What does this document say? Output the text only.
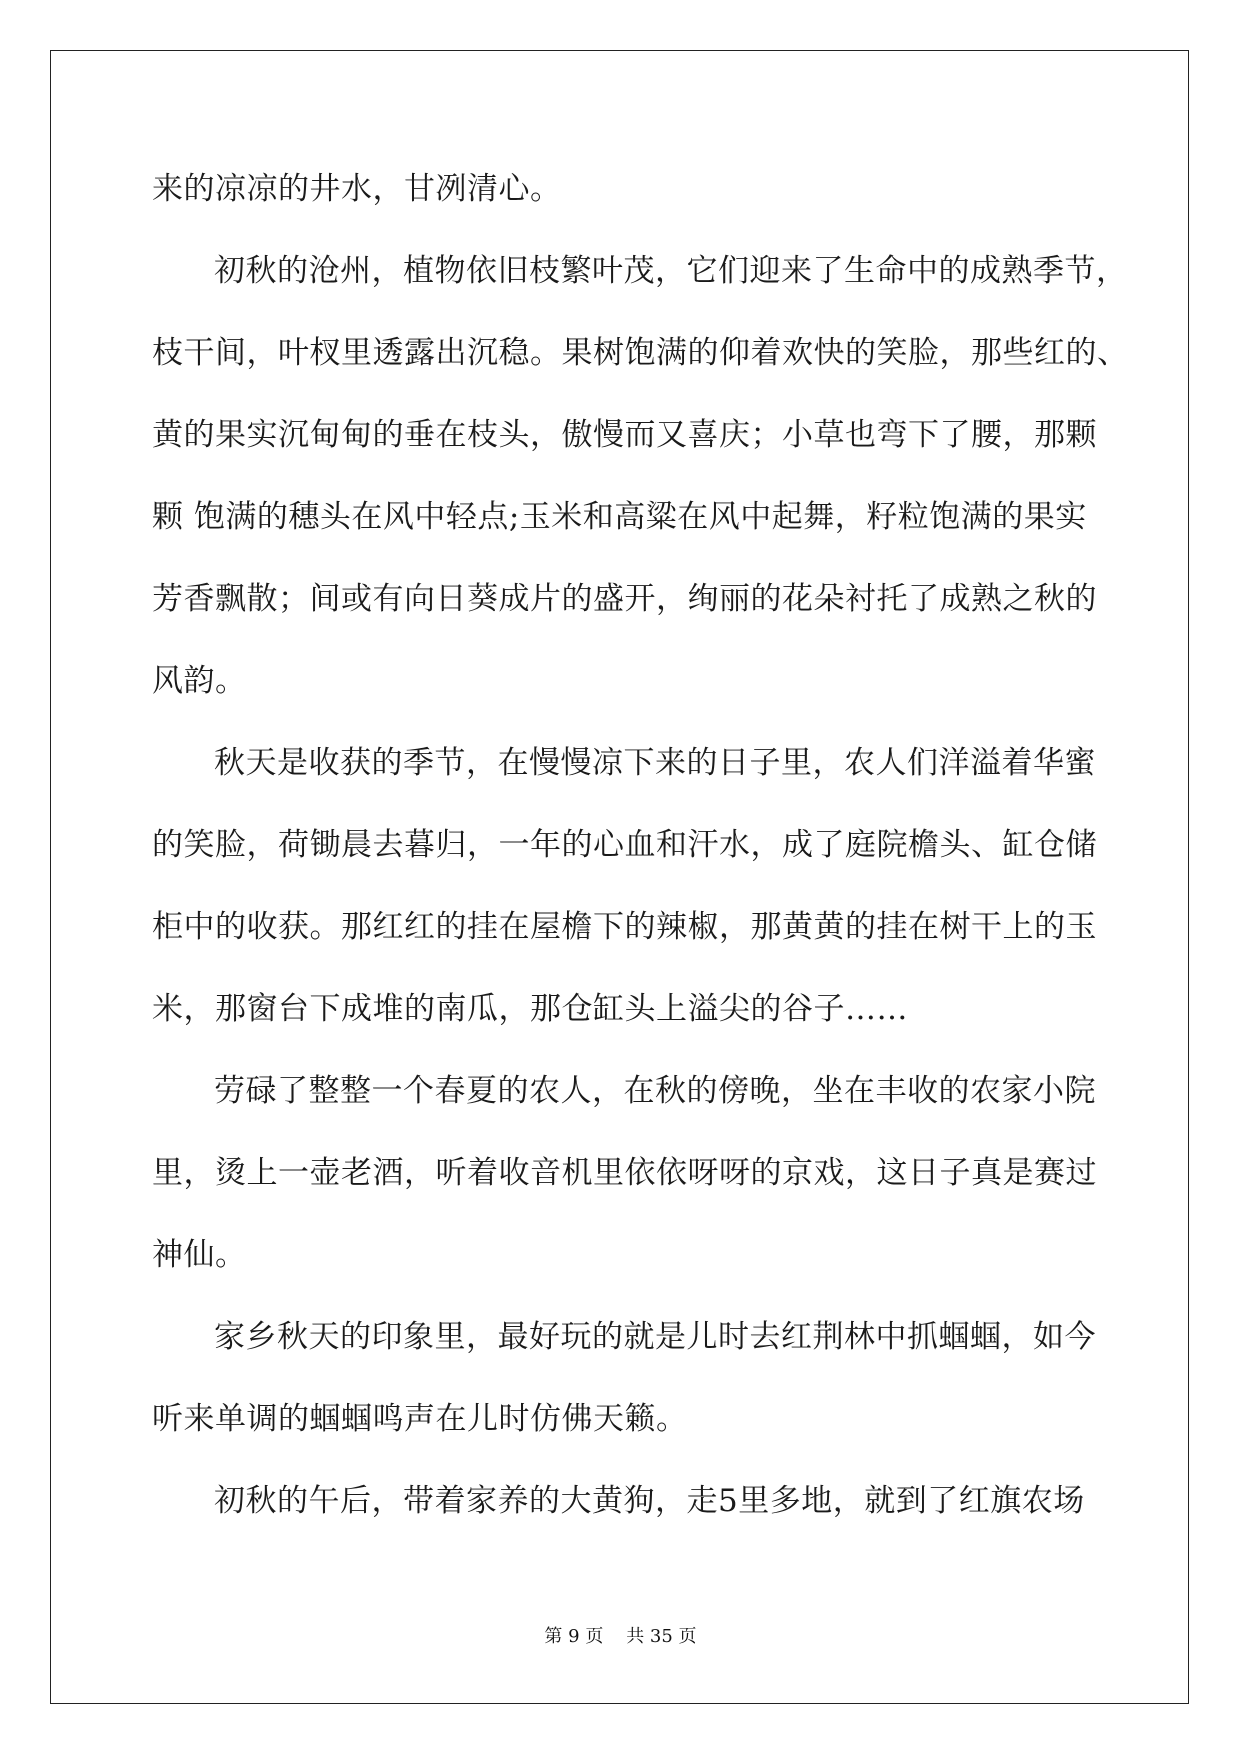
来的凉凉的井水，甘冽清心。
初秋的沧州，植物依旧枝繁叶茂，它们迎来了生命中的成熟季节，
枝干间，叶杈里透露出沉稳。果树饱满的仰着欢快的笑脸，那些红的、
黄的果实沉甸甸的垂在枝头，傲慢而又喜庆；小草也弯下了腰，那颗
颗 饱满的穗头在风中轻点;玉米和高粱在风中起舞，籽粒饱满的果实
芳香飘散；间或有向日葵成片的盛开，绚丽的花朵衬托了成熟之秋的
风韵。
秋天是收获的季节，在慢慢凉下来的日子里，农人们洋溢着华蜜
的笑脸，荷锄晨去暮归，一年的心血和汗水，成了庭院檐头、缸仓储
柜中的收获。那红红的挂在屋檐下的辣椒，那黄黄的挂在树干上的玉
米，那窗台下成堆的南瓜，那仓缸头上溢尖的谷子……
劳碌了整整一个春夏的农人，在秋的傍晚，坐在丰收的农家小院
里，烫上一壶老酒，听着收音机里依依呀呀的京戏，这日子真是赛过
神仙。
家乡秋天的印象里，最好玩的就是儿时去红荆林中抓蝈蝈，如今
听来单调的蝈蝈鸣声在儿时仿佛天籁。
初秋的午后，带着家养的大黄狗，走5里多地，就到了红旗农场
第 9 页    共 35 页
